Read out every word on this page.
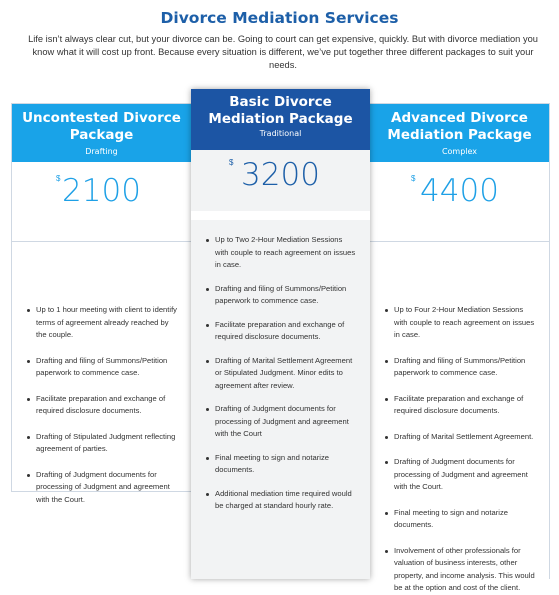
Divorce Mediation Services
Life isn’t always clear cut, but your divorce can be. Going to court can get expensive, quickly. But with divorce mediation you know what it will cost up front. Because every situation is different, we’ve put together three different packages to suit your needs.
Uncontested Divorce Package
Drafting
$ 2100
Up to 1 hour meeting with client to identify terms of agreement already reached by the couple.
Drafting and filing of Summons/Petition paperwork to commence case.
Facilitate preparation and exchange of required disclosure documents.
Drafting of Stipulated Judgment reflecting agreement of parties.
Drafting of Judgment documents for processing of Judgment and agreement with the Court.
Basic Divorce Mediation Package
Traditional
$ 3200
Up to Two 2-Hour Mediation Sessions with couple to reach agreement on issues in case.
Drafting and filing of Summons/Petition paperwork to commence case.
Facilitate preparation and exchange of required disclosure documents.
Drafting of Marital Settlement Agreement or Stipulated Judgment. Minor edits to agreement after review.
Drafting of Judgment documents for processing of Judgment and agreement with the Court
Final meeting to sign and notarize documents.
Additional mediation time required would be charged at standard hourly rate.
Advanced Divorce Mediation Package
Complex
$ 4400
Up to Four 2-Hour Mediation Sessions with couple to reach agreement on issues in case.
Drafting and filing of Summons/Petition paperwork to commence case.
Facilitate preparation and exchange of required disclosure documents.
Drafting of Marital Settlement Agreement.
Drafting of Judgment documents for processing of Judgment and agreement with the Court.
Final meeting to sign and notarize documents.
Involvement of other professionals for valuation of business interests, other property, and income analysis. This would be at the option and cost of the client.
